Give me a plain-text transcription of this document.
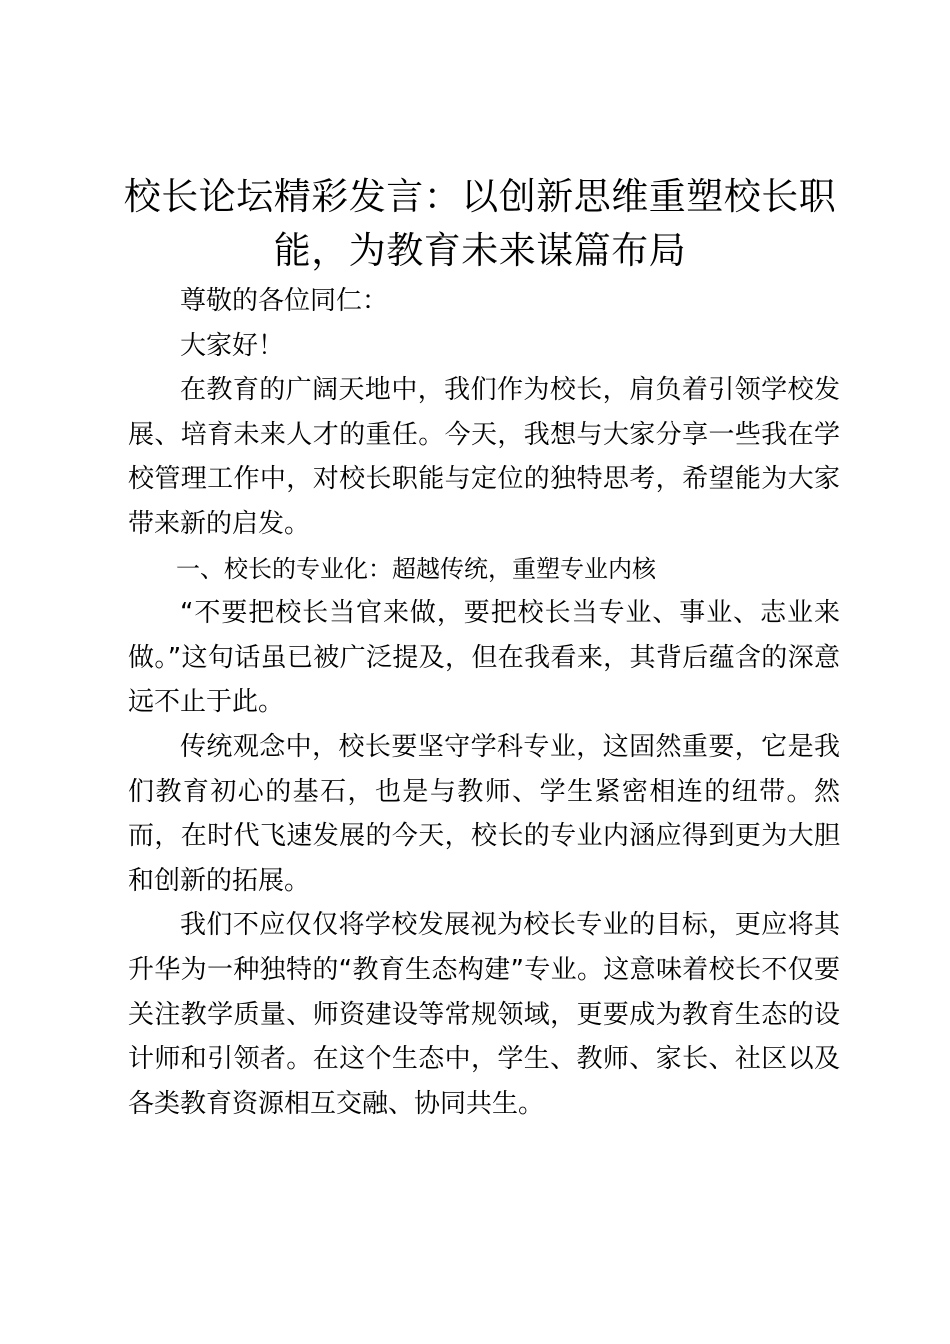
校长论坛精彩发言：以创新思维重塑校长职能，为教育未来谋篇布局

尊敬的各位同仁：

大家好！

在教育的广阔天地中，我们作为校长，肩负着引领学校发展、培育未来人才的重任。今天，我想与大家分享一些我在学校管理工作中，对校长职能与定位的独特思考，希望能为大家带来新的启发。

一、校长的专业化：超越传统，重塑专业内核

“不要把校长当官来做，要把校长当专业、事业、志业来做。”这句话虽已被广泛提及，但在我看来，其背后蕴含的深意远不止于此。

传统观念中，校长要坚守学科专业，这固然重要，它是我们教育初心的基石，也是与教师、学生紧密相连的纽带。然而，在时代飞速发展的今天，校长的专业内涵应得到更为大胆和创新的拓展。

我们不应仅仅将学校发展视为校长专业的目标，更应将其升华为一种独特的“教育生态构建”专业。这意味着校长不仅要关注教学质量、师资建设等常规领域，更要成为教育生态的设计师和引领者。在这个生态中，学生、教师、家长、社区以及各类教育资源相互交融、协同共生。
